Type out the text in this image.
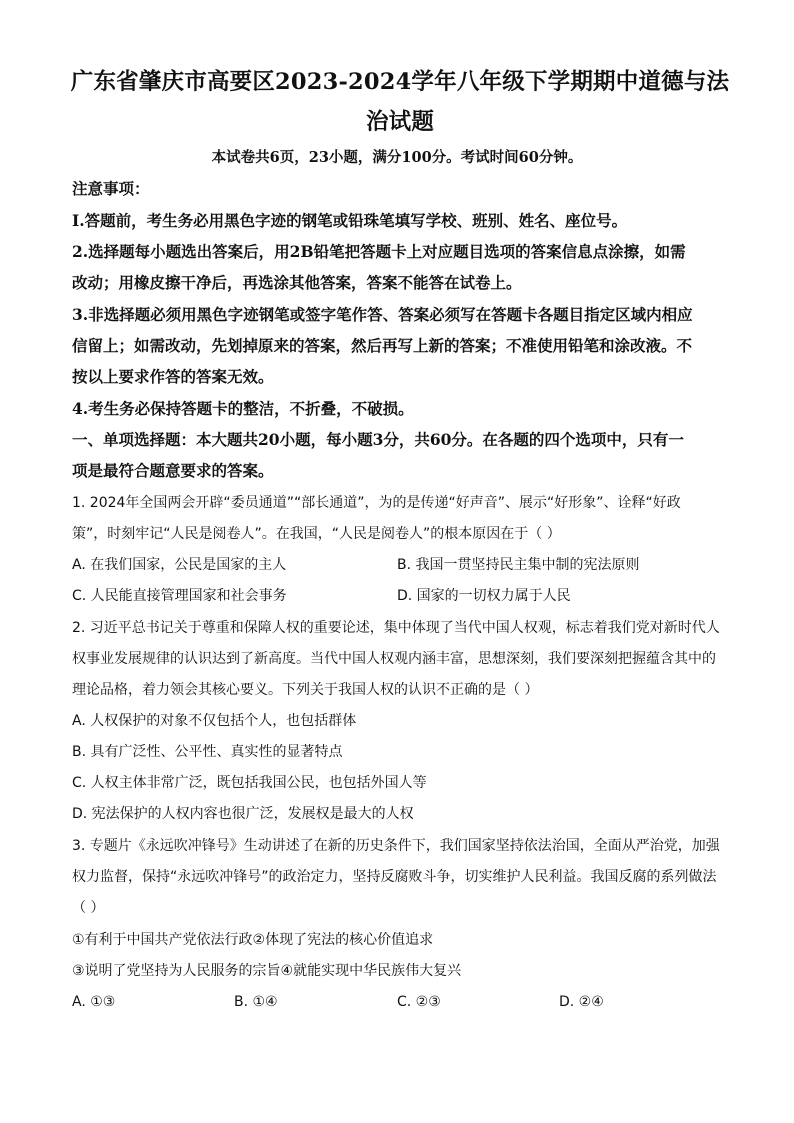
广东省肇庆市高要区2023-2024学年八年级下学期期中道德与法治试题
本试卷共6页，23小题，满分100分。考试时间60分钟。
注意事项：
I.答题前，考生务必用黑色字迹的钢笔或铅珠笔填写学校、班别、姓名、座位号。
2.选择题每小题选出答案后，用2B铅笔把答题卡上对应题目选项的答案信息点涂擦，如需
改动；用橡皮擦干净后，再选涂其他答案，答案不能答在试卷上。
3.非选择题必须用黑色字迹钢笔或签字笔作答、答案必须写在答题卡各题目指定区域内相应
信留上；如需改动，先划掉原来的答案，然后再写上新的答案；不准使用铅笔和涂改液。不
按以上要求作答的答案无效。
4.考生务必保持答题卡的整洁，不折叠，不破损。
一、单项选择题：本大题共20小题，每小题3分，共60分。在各题的四个选项中，只有一
项是最符合题意要求的答案。
1. 2024年全国两会开辟“委员通道”“部长通道”，为的是传递“好声音”、展示“好形象”、诠释“好政
策”，时刻牢记“人民是阅卷人”。在我国，“人民是阅卷人”的根本原因在于（ ）
A. 在我们国家，公民是国家的主人	B. 我国一贯坚持民主集中制的宪法原则
C. 人民能直接管理国家和社会事务	D. 国家的一切权力属于人民
2. 习近平总书记关于尊重和保障人权的重要论述，集中体现了当代中国人权观，标志着我们党对新时代人
权事业发展规律的认识达到了新高度。当代中国人权观内涵丰富，思想深刻，我们要深刻把握蕴含其中的
理论品格，着力领会其核心要义。下列关于我国人权的认识不正确的是（ ）
A. 人权保护的对象不仅包括个人，也包括群体
B. 具有广泛性、公平性、真实性的显著特点
C. 人权主体非常广泛，既包括我国公民，也包括外国人等
D. 宪法保护的人权内容也很广泛，发展权是最大的人权
3. 专题片《永远吹冲锋号》生动讲述了在新的历史条件下，我们国家坚持依法治国，全面从严治党，加强
权力监督，保持“永远吹冲锋号”的政治定力，坚持反腐败斗争，切实维护人民利益。我国反腐的系列做法
（ ）
①有利于中国共产党依法行政②体现了宪法的核心价值追求
③说明了党坚持为人民服务的宗旨④就能实现中华民族伟大复兴
A. ①③	B. ①④	C. ②③	D. ②④
